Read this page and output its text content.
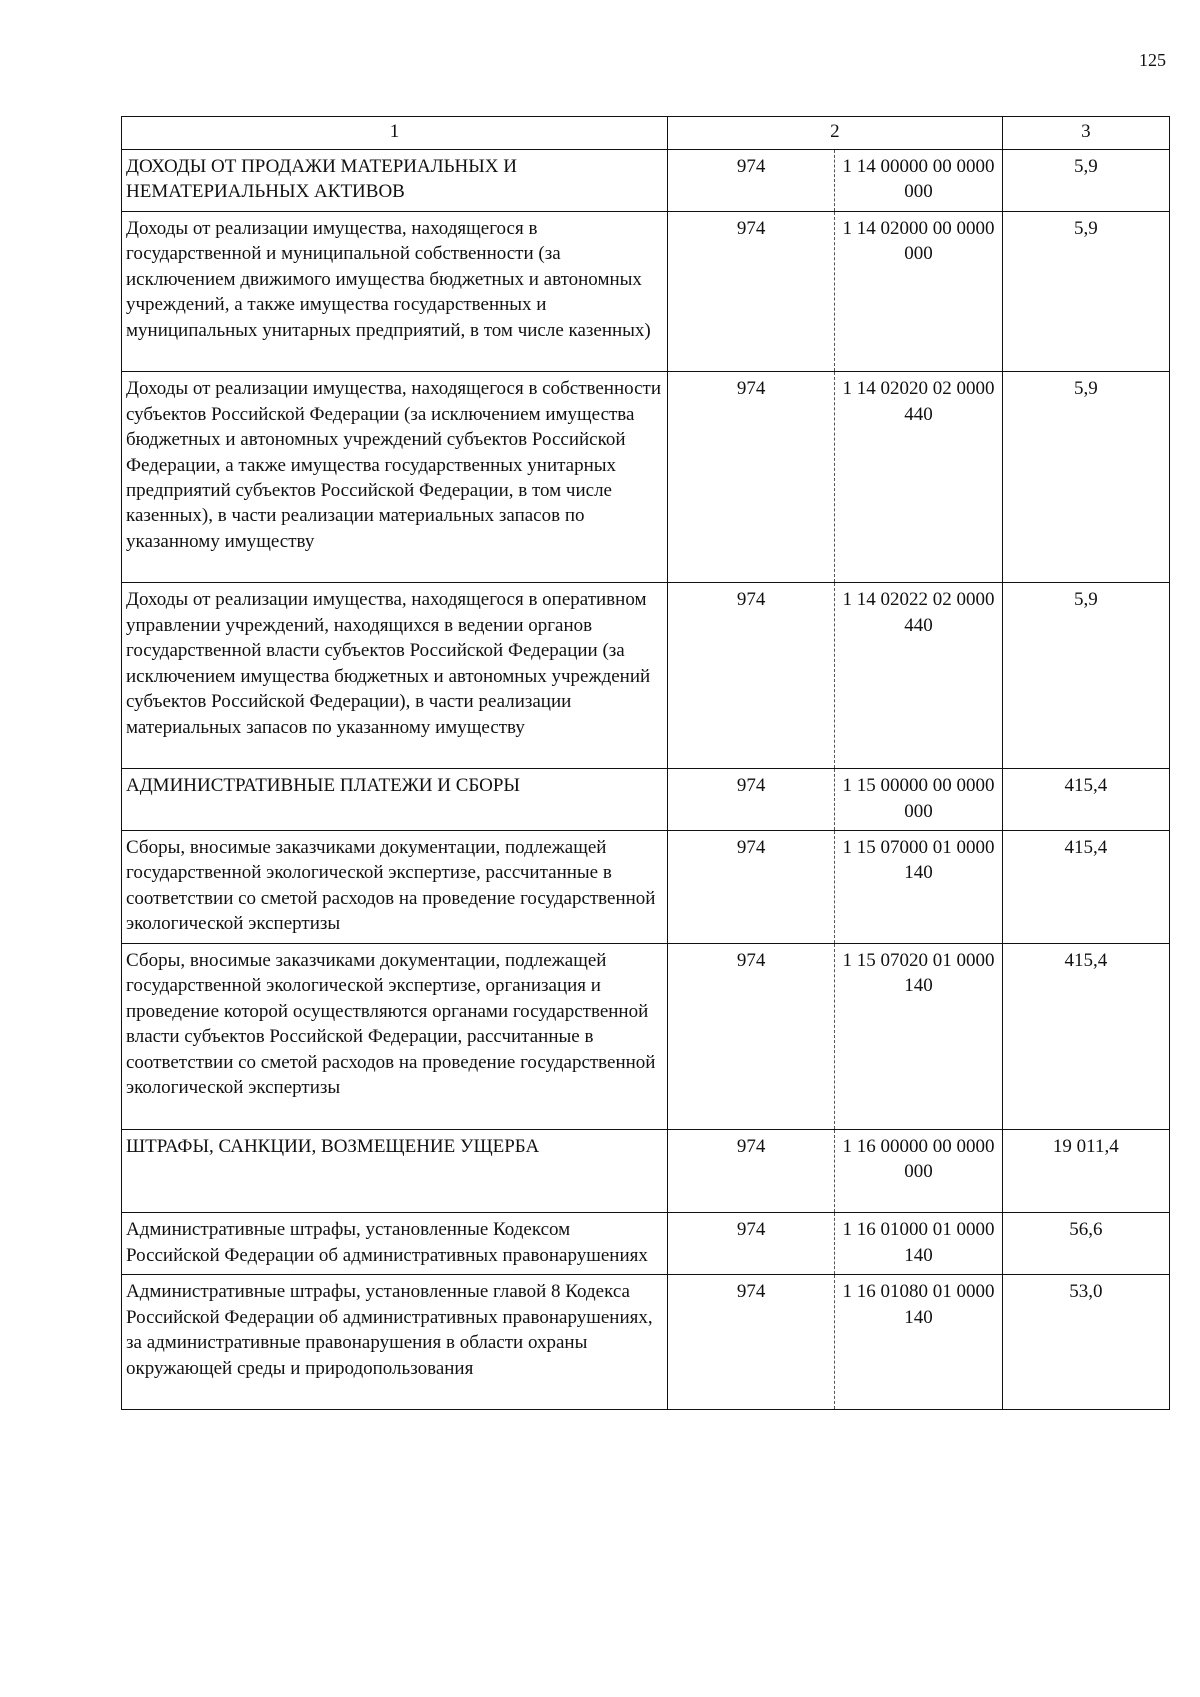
125
1	2		3
ДОХОДЫ ОТ ПРОДАЖИ МАТЕРИАЛЬНЫХ И НЕМАТЕРИАЛЬНЫХ АКТИВОВ	974	1 14 00000 00 0000 000	5,9
Доходы от реализации имущества, находящегося в государственной и муниципальной собственности (за исключением движимого имущества бюджетных и автономных учреждений, а также имущества государственных и муниципальных унитарных предприятий, в том числе казенных)	974	1 14 02000 00 0000 000	5,9
Доходы от реализации имущества, находящегося в собственности субъектов Российской Федерации (за исключением имущества бюджетных и автономных учреждений субъектов Российской Федерации, а также имущества государственных унитарных предприятий субъектов Российской Федерации, в том числе казенных), в части реализации материальных запасов по указанному имуществу	974	1 14 02020 02 0000 440	5,9
Доходы от реализации имущества, находящегося в оперативном управлении учреждений, находящихся в ведении органов государственной власти субъектов Российской Федерации (за исключением имущества бюджетных и автономных учреждений субъектов Российской Федерации), в части реализации материальных запасов по указанному имуществу	974	1 14 02022 02 0000 440	5,9
АДМИНИСТРАТИВНЫЕ ПЛАТЕЖИ И СБОРЫ	974	1 15 00000 00 0000 000	415,4
Сборы, вносимые заказчиками документации, подлежащей государственной экологической экспертизе, рассчитанные в соответствии со сметой расходов на проведение государственной экологической экспертизы	974	1 15 07000 01 0000 140	415,4
Сборы, вносимые заказчиками документации, подлежащей государственной экологической экспертизе, организация и проведение которой осуществляются органами государственной власти субъектов Российской Федерации, рассчитанные в соответствии со сметой расходов на проведение государственной экологической экспертизы	974	1 15 07020 01 0000 140	415,4
ШТРАФЫ, САНКЦИИ, ВОЗМЕЩЕНИЕ УЩЕРБА	974	1 16 00000 00 0000 000	19 011,4
Административные штрафы, установленные Кодексом Российской Федерации об административных правонарушениях	974	1 16 01000 01 0000 140	56,6
Административные штрафы, установленные главой 8 Кодекса Российской Федерации об административных правонарушениях, за административные правонарушения в области охраны окружающей среды и природопользования	974	1 16 01080 01 0000 140	53,0
